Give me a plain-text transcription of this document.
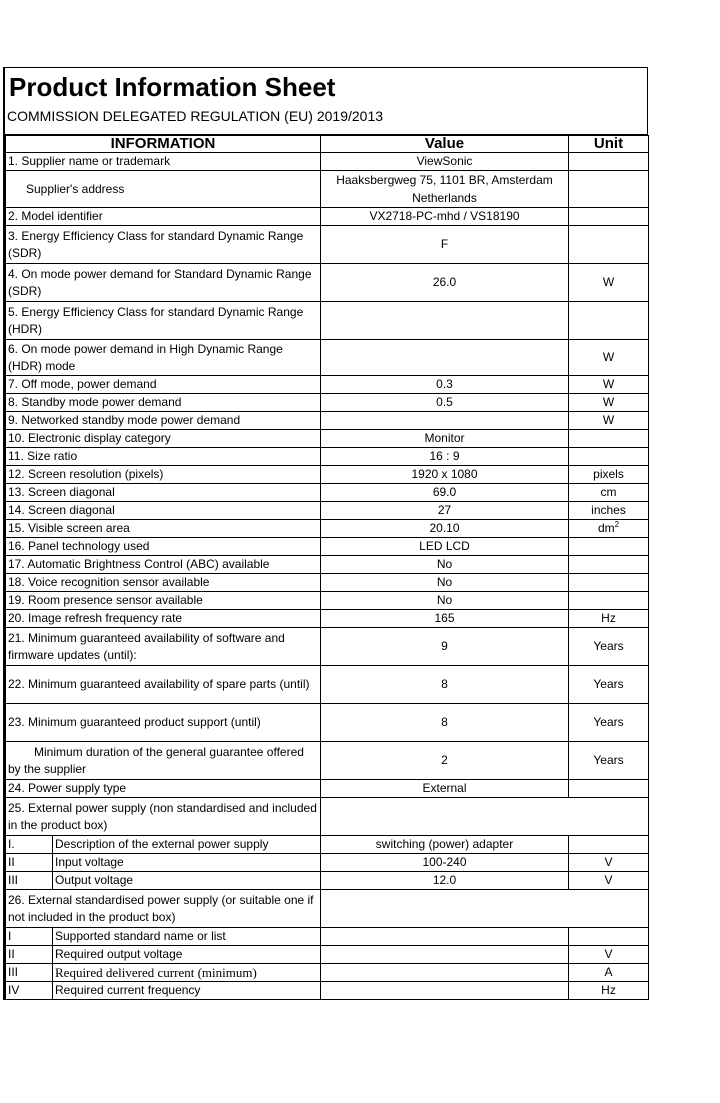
Product Information Sheet
COMMISSION DELEGATED REGULATION (EU) 2019/2013
INFORMATION		Value	Unit
1. Supplier name or trademark		ViewSonic	
Supplier's address		Haaksbergweg 75, 1101 BR, Amsterdam Netherlands	
2. Model identifier		VX2718-PC-mhd / VS18190	
3. Energy Efficiency Class for standard Dynamic Range (SDR)		F	
4. On mode power demand for Standard Dynamic Range (SDR)		26.0	W
5. Energy Efficiency Class for standard Dynamic Range (HDR)			
6. On mode power demand in High Dynamic Range (HDR) mode			W
7. Off mode, power demand		0.3	W
8. Standby mode power demand		0.5	W
9. Networked standby mode power demand			W
10. Electronic display category		Monitor	
11. Size ratio		16 : 9	
12. Screen resolution (pixels)		1920 x 1080	pixels
13. Screen diagonal		69.0	cm
14. Screen diagonal		27	inches
15. Visible screen area		20.10	$dm^2$
16. Panel technology used		LED LCD	
17. Automatic Brightness Control (ABC) available		No	
18. Voice recognition sensor available		No	
19. Room presence sensor available		No	
20. Image refresh frequency rate		165	Hz
21. Minimum guaranteed availability of software and firmware updates (until):		9	Years
22. Minimum guaranteed availability of spare parts (until)		8	Years
23. Minimum guaranteed product support (until)		8	Years
Minimum duration of the general guarantee offered by the supplier		2	Years
24. Power supply type		External	
25. External power supply (non standardised and included in the product box)			
I.	Description of the external power supply	switching (power) adapter	
II	Input voltage	100-240	V
III	Output voltage	12.0	V
26. External standardised power supply (or suitable one if not included in the product box)			
I	Supported standard name or list		
II	Required output voltage		V
III	Required delivered current (minimum)		A
IV	Required current frequency		Hz
